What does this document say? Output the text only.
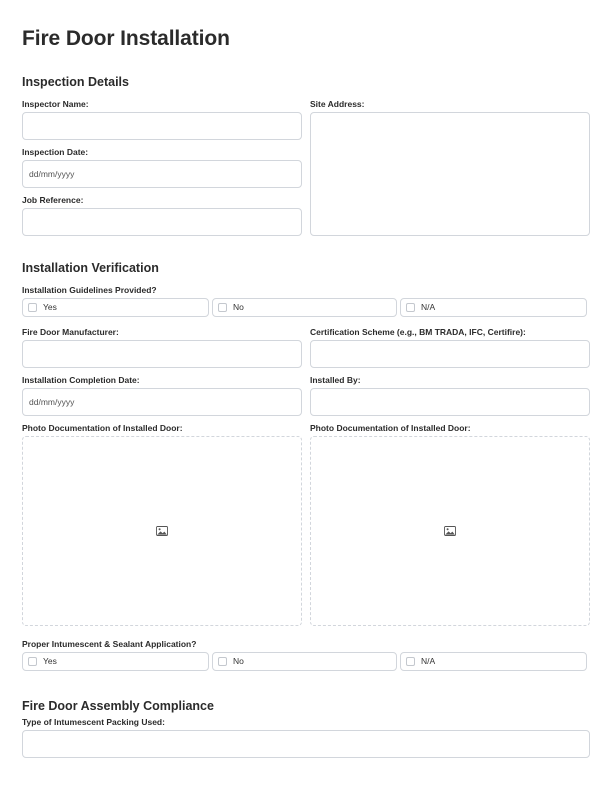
Fire Door Installation
Inspection Details
Inspector Name:	Site Address:
Inspection Date:
dd/mm/yyyy
Job Reference:
Installation Verification
Installation Guidelines Provided?
Yes	No	N/A
Fire Door Manufacturer:	Certification Scheme (e.g., BM TRADA, IFC, Certifire):
Installation Completion Date:
dd/mm/yyyy
Installed By:
Photo Documentation of Installed Door:	Photo Documentation of Installed Door:
Proper Intumescent & Sealant Application?
Yes	No	N/A
Fire Door Assembly Compliance
Type of Intumescent Packing Used:
